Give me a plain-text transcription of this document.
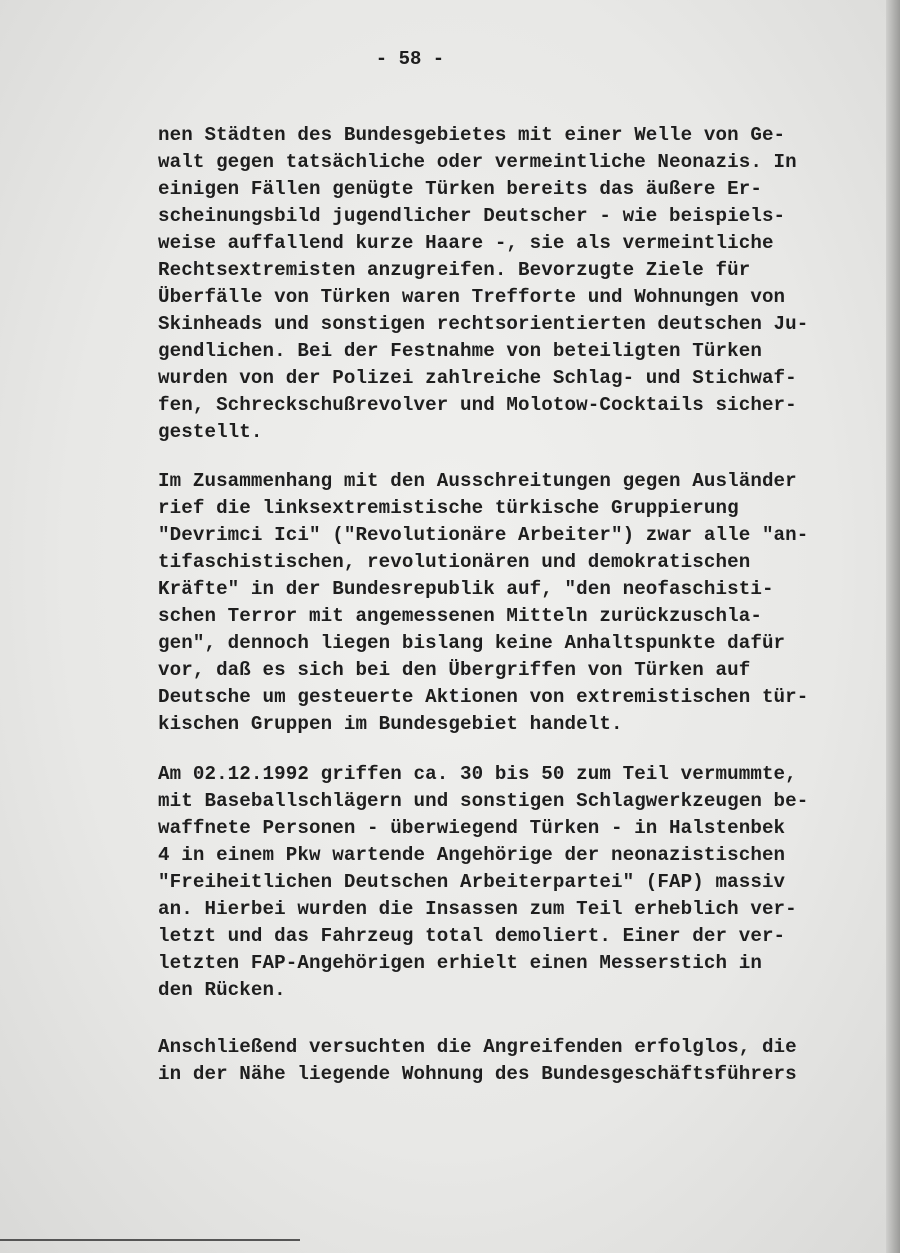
- 58 -
nen Städten des Bundesgebietes mit einer Welle von Ge-
walt gegen tatsächliche oder vermeintliche Neonazis. In
einigen Fällen genügte Türken bereits das äußere Er-
scheinungsbild jugendlicher Deutscher - wie beispiels-
weise auffallend kurze Haare -, sie als vermeintliche
Rechtsextremisten anzugreifen. Bevorzugte Ziele für
Überfälle von Türken waren Trefforte und Wohnungen von
Skinheads und sonstigen rechtsorientierten deutschen Ju-
gendlichen. Bei der Festnahme von beteiligten Türken
wurden von der Polizei zahlreiche Schlag- und Stichwaf-
fen, Schreckschußrevolver und Molotow-Cocktails sicher-
gestellt.
Im Zusammenhang mit den Ausschreitungen gegen Ausländer
rief die linksextremistische türkische Gruppierung
"Devrimci Ici" ("Revolutionäre Arbeiter") zwar alle "an-
tifaschistischen, revolutionären und demokratischen
Kräfte" in der Bundesrepublik auf, "den neofaschisti-
schen Terror mit angemessenen Mitteln zurückzuschla-
gen", dennoch liegen bislang keine Anhaltspunkte dafür
vor, daß es sich bei den Übergriffen von Türken auf
Deutsche um gesteuerte Aktionen von extremistischen tür-
kischen Gruppen im Bundesgebiet handelt.
Am 02.12.1992 griffen ca. 30 bis 50 zum Teil vermummte,
mit Baseballschlägern und sonstigen Schlagwerkzeugen be-
waffnete Personen - überwiegend Türken - in Halstenbek
4 in einem Pkw wartende Angehörige der neonazistischen
"Freiheitlichen Deutschen Arbeiterpartei" (FAP) massiv
an. Hierbei wurden die Insassen zum Teil erheblich ver-
letzt und das Fahrzeug total demoliert. Einer der ver-
letzten FAP-Angehörigen erhielt einen Messerstich in
den Rücken.
Anschließend versuchten die Angreifenden erfolglos, die
in der Nähe liegende Wohnung des Bundesgeschäftsführers
